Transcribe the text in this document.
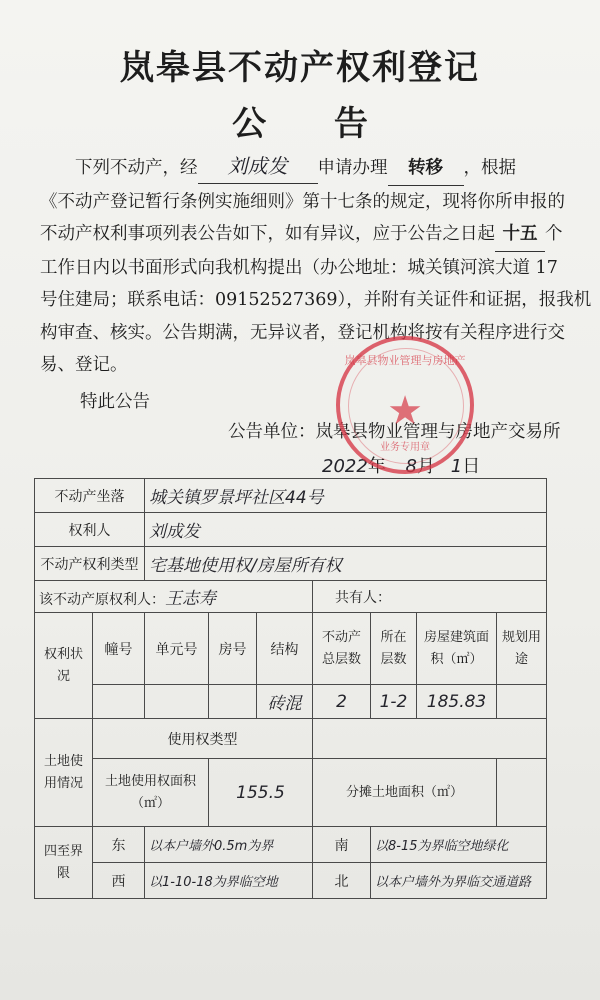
岚皋县不动产权利登记
公 告
下列不动产，经 刘成发 申请办理 转移 ，根据
《不动产登记暂行条例实施细则》第十七条的规定，现将你所申报的
不动产权利事项列表公告如下，如有异议，应于公告之日起 十五 个
工作日内以书面形式向我机构提出（办公地址：城关镇河滨大道 17
号住建局；联系电话：09152527369），并附有关证件和证据，报我机
构审查、核实。公告期满，无异议者，登记机构将按有关程序进行交
易、登记。
特此公告
公告单位：岚皋县物业管理与房地产交易所
2022年 8月 1日
岚皋县物业管理与房地产
★
业务专用章
不动产坐落		城关镇罗景坪社区44号						
权利人		刘成发						
不动产权利类型		宅基地使用权/房屋所有权						
该不动产原权利人：王志寿					共有人：			
权利状况	幢号	单元号	房号	结构	不动产总层数	所在层数	房屋建筑面积（㎡）	规划用途
				砖混	2	1-2	185.83	
土地使用情况	使用权类型							
	土地使用权面积（㎡）		155.5		分摊土地面积（㎡）			
四至界限	东	以本户墙外0.5m为界			南	以8-15为界临空地绿化		
	西	以1-10-18为界临空地			北	以本户墙外为界临交通道路		
